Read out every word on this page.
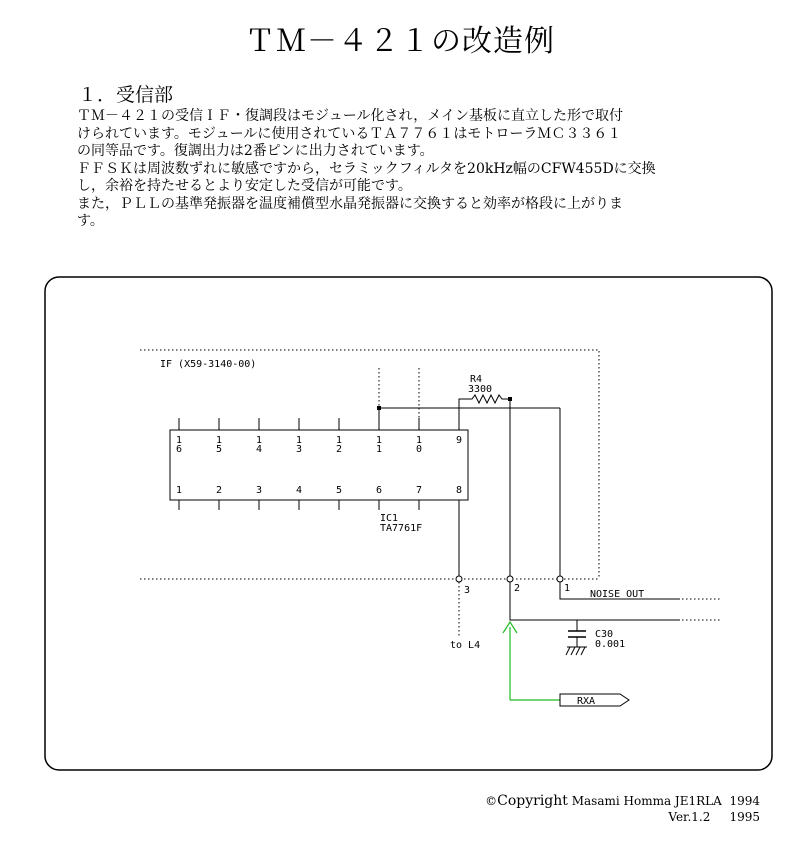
ＴＭ－４２１の改造例
１．受信部
ＴＭ－４２１の受信ＩＦ・復調段はモジュール化され，メイン基板に直立した形で取付
けられています。モジュールに使用されているＴＡ７７６１はモトローラＭＣ３３６１
の同等品です。復調出力は2番ピンに出力されています。
ＦＦＳＫは周波数ずれに敏感ですから，セラミックフィルタを20kHz幅のCFW455Dに交換
し，余裕を持たせるとより安定した受信が可能です。
また，ＰＬＬの基準発振器を温度補償型水晶発振器に交換すると効率が格段に上がりま
す。
IF (X59-3140-00)
1
6
1
5
1
4
1
3
1
2
1
1
1
0
9
1	2	3	4	5	6	7	8
IC1
TA7761F
R4
3300
3	2	1
NOISE OUT
C30
0.001
to L4
RXA
©Copyright Masami Homma JE1RLA 1994
Ver.1.2 1995
